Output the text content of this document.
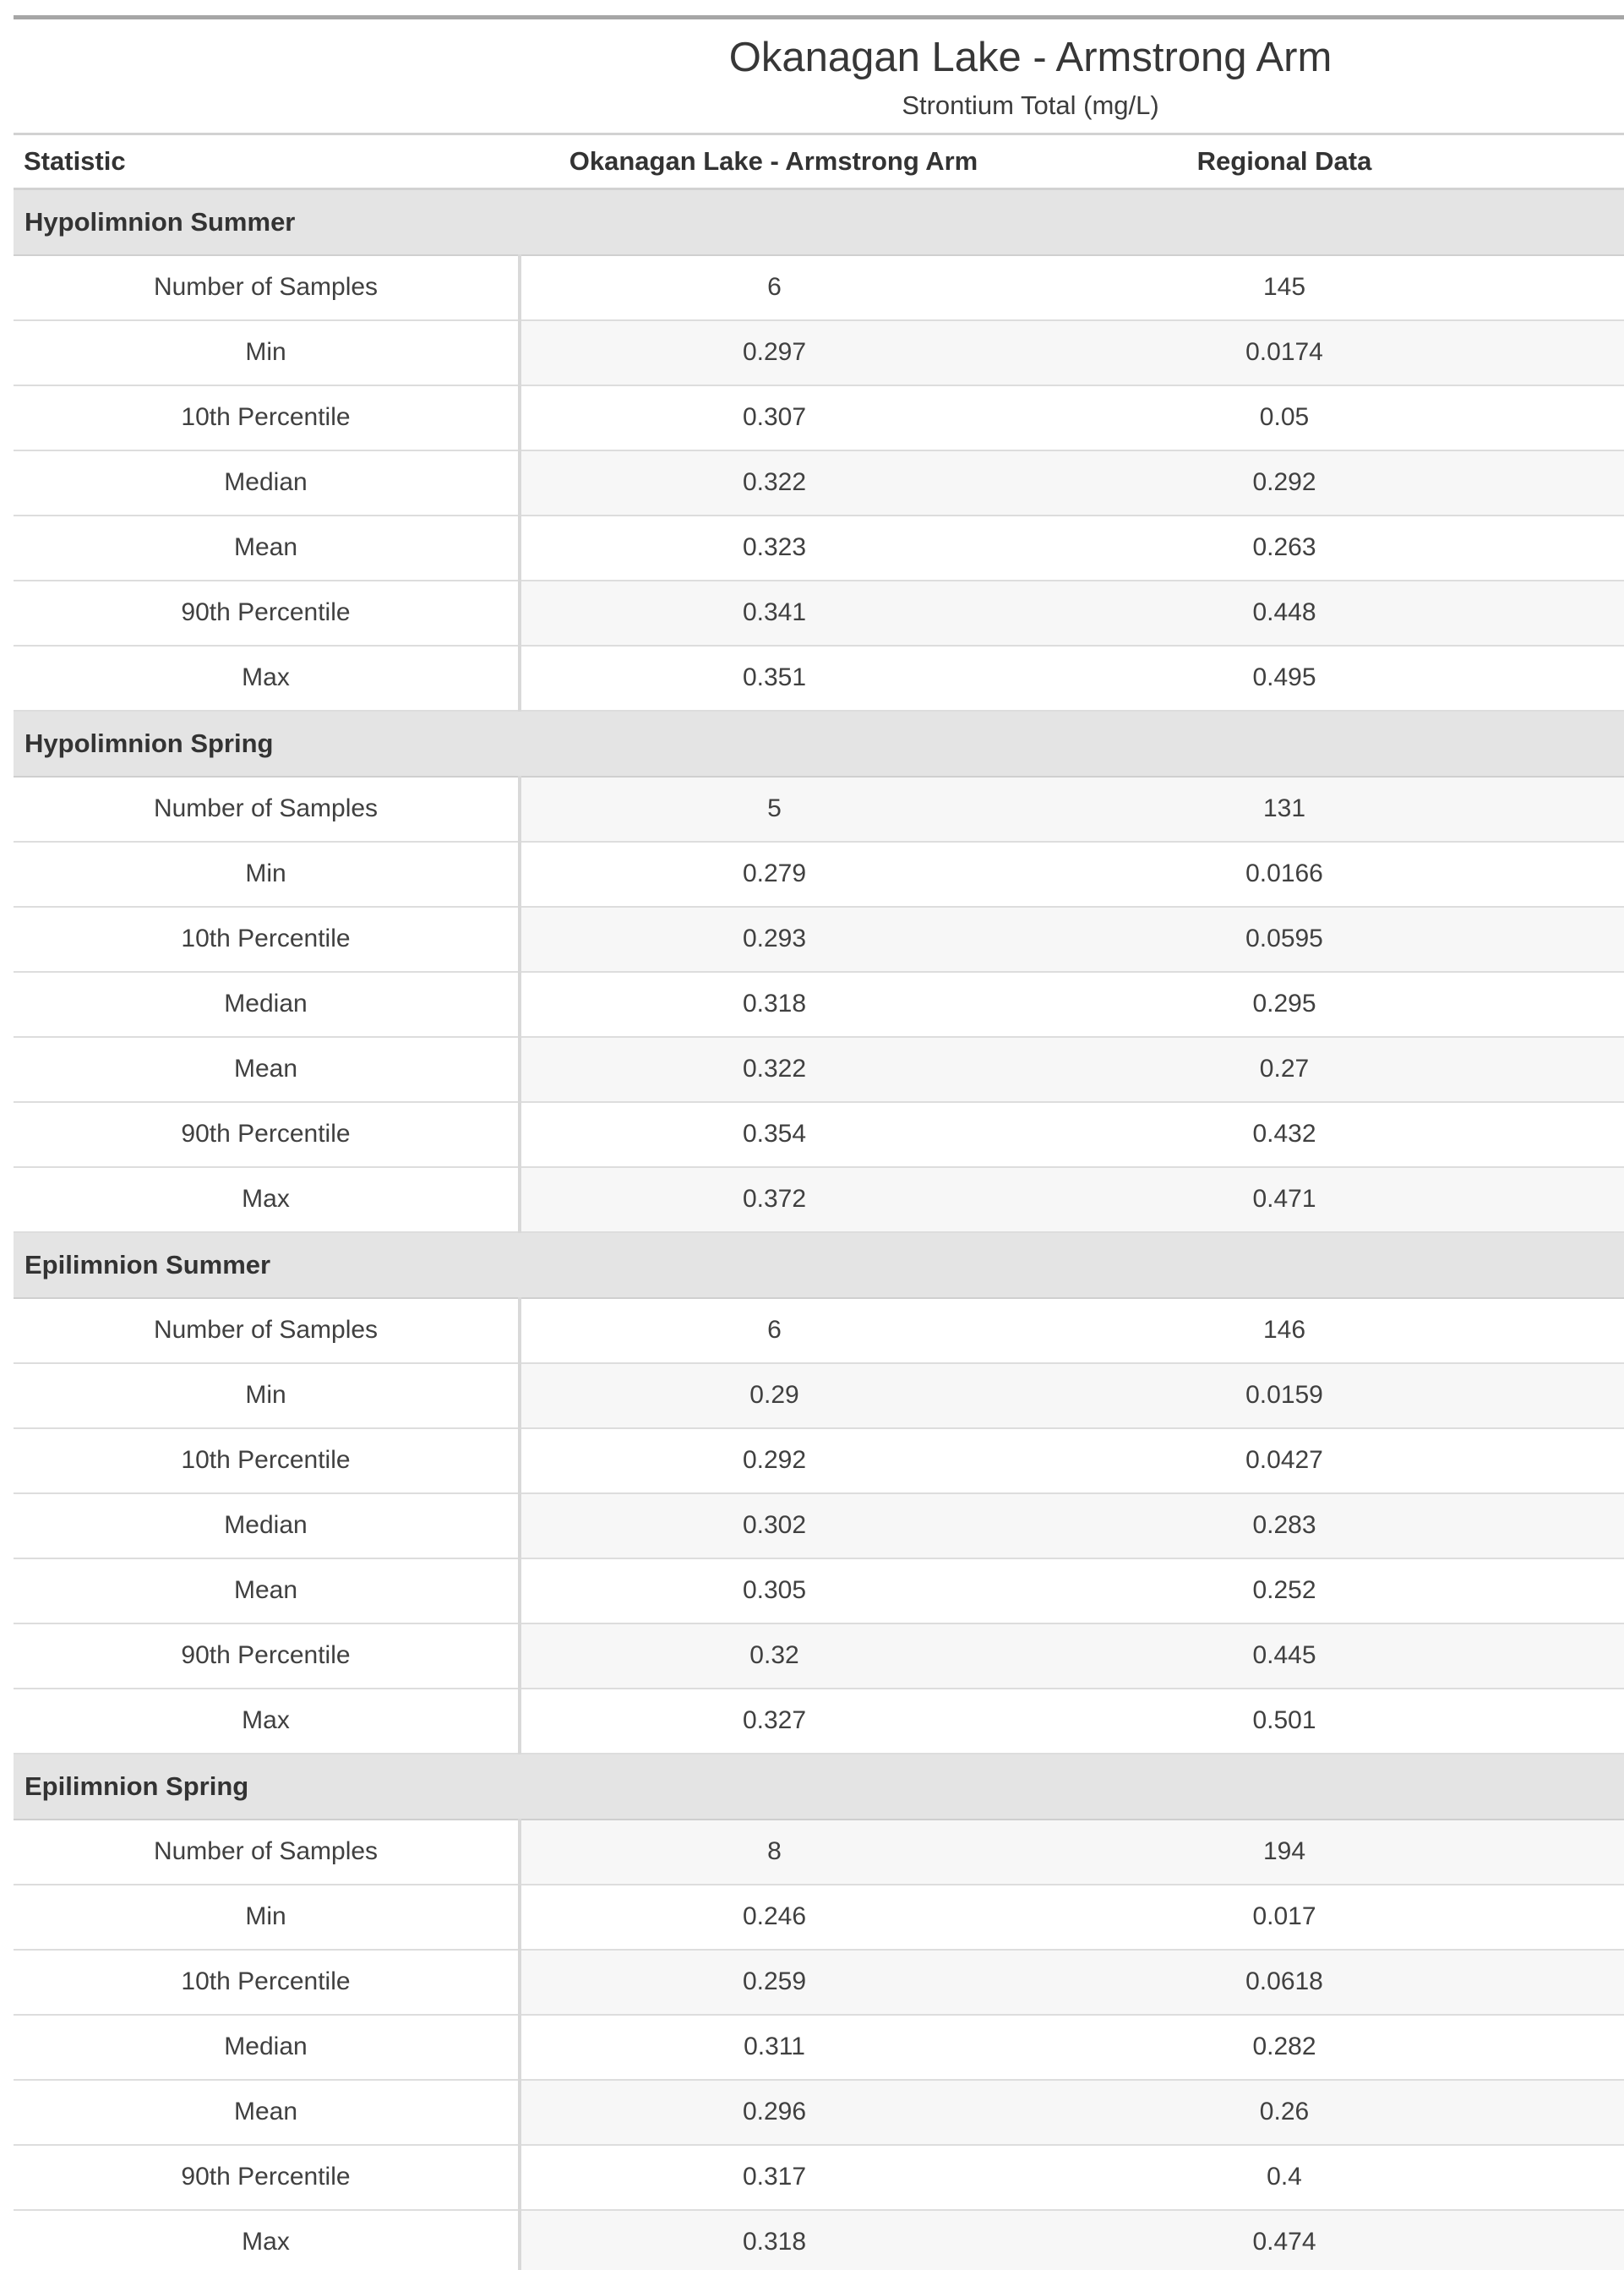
Okanagan Lake - Armstrong Arm
Strontium Total (mg/L)
Statistic	Okanagan Lake - Armstrong Arm	Regional Data	
Hypolimnion Summer			
Number of Samples	6	145	
Min	0.297	0.0174	
10th Percentile	0.307	0.05	
Median	0.322	0.292	
Mean	0.323	0.263	
90th Percentile	0.341	0.448	
Max	0.351	0.495	
Hypolimnion Spring			
Number of Samples	5	131	
Min	0.279	0.0166	
10th Percentile	0.293	0.0595	
Median	0.318	0.295	
Mean	0.322	0.27	
90th Percentile	0.354	0.432	
Max	0.372	0.471	
Epilimnion Summer			
Number of Samples	6	146	
Min	0.29	0.0159	
10th Percentile	0.292	0.0427	
Median	0.302	0.283	
Mean	0.305	0.252	
90th Percentile	0.32	0.445	
Max	0.327	0.501	
Epilimnion Spring			
Number of Samples	8	194	
Min	0.246	0.017	
10th Percentile	0.259	0.0618	
Median	0.311	0.282	
Mean	0.296	0.26	
90th Percentile	0.317	0.4	
Max	0.318	0.474	
